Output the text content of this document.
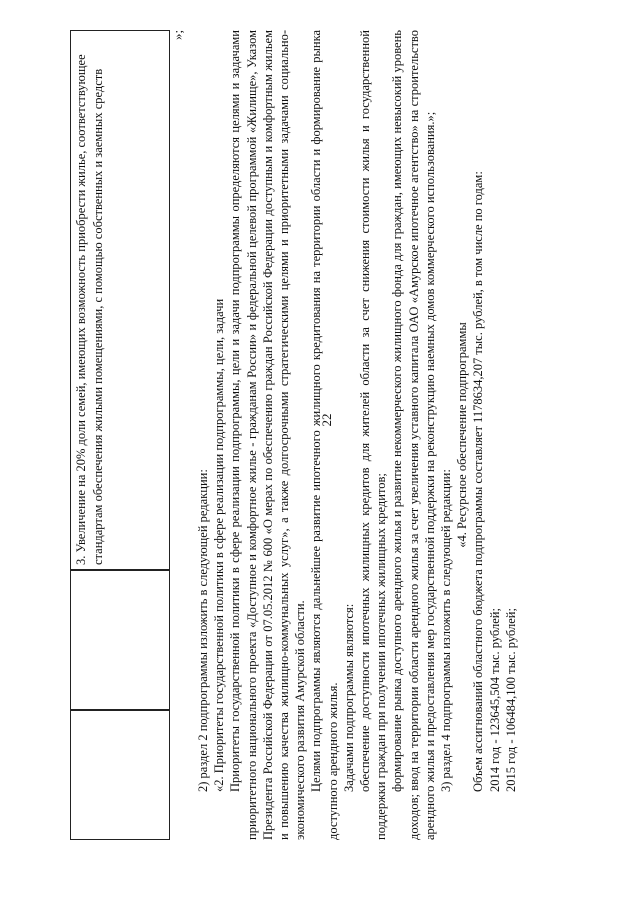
22
3. Увеличение на 20% доли семей, имеющих возможность приобрести жилье, соответствующее стандартам обеспечения жилыми помещениями, с помощью собственных и заемных средств
»;

2) раздел 2 подпрограммы изложить в следующей редакции: «2. Приоритеты государственной политики в сфере реализации подпрограммы, цели, задачи Приоритеты государственной политики в сфере реализации подпрограммы, цели и задачи подпрограммы определяются целями и задачами приоритетного национального проекта «Доступное и комфортное жилье - гражданам России» и федеральной целевой программой «Жилище», Указом Президента Российской Федерации от 07.05.2012 № 600 «О мерах по обеспечению граждан Российской Федерации доступным и комфортным жильем и повышению качества жилищно-коммунальных услуг», а также долгосрочными стратегическими целями и приоритетными задачами социально-экономического развития Амурской области. Целями подпрограммы являются дальнейшее развитие ипотечного жилищного кредитования на территории области и формирование рынка доступного арендного жилья. Задачами подпрограммы являются: обеспечение доступности ипотечных жилищных кредитов для жителей области за счет снижения стоимости жилья и государственной поддержки граждан при получении ипотечных жилищных кредитов; формирование рынка доступного арендного жилья и развитие некоммерческого жилищного фонда для граждан, имеющих невысокий уровень доходов; ввод на территории области арендного жилья за счет увеличения уставного капитала ОАО «Амурское ипотечное агентство» на строительство арендного жилья и предоставления мер государственной поддержки на реконструкцию наемных домов коммерческого использования.»; 3) раздел 4 подпрограммы изложить в следующей редакции:

«4. Ресурсное обеспечение подпрограммы Объем ассигнований областного бюджета подпрограммы составляет 1178634,207 тыс. рублей, в том числе по годам: 2014 год - 123645,504 тыс. рублей; 2015 год - 106484,100 тыс. рублей;
